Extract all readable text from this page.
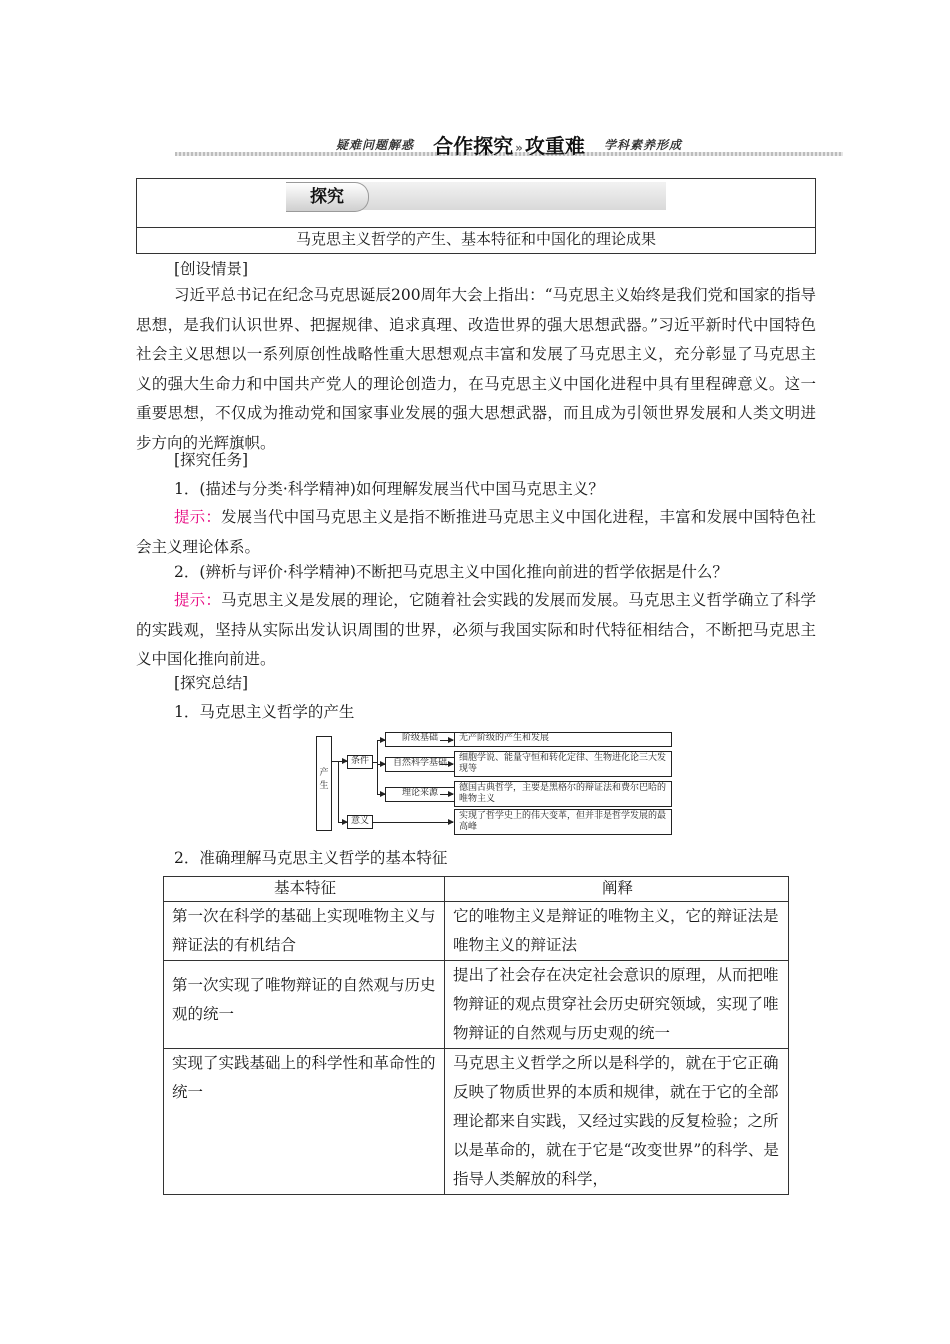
疑难问题解惑 合作探究 » 攻重难 学科素养形成
探究
马克思主义哲学的产生、基本特征和中国化的理论成果
[创设情景]
习近平总书记在纪念马克思诞辰200周年大会上指出：“马克思主义始终是我们党和国家的指导思想，是我们认识世界、把握规律、追求真理、改造世界的强大思想武器。”习近平新时代中国特色社会主义思想以一系列原创性战略性重大思想观点丰富和发展了马克思主义，充分彰显了马克思主义的强大生命力和中国共产党人的理论创造力，在马克思主义中国化进程中具有里程碑意义。这一重要思想，不仅成为推动党和国家事业发展的强大思想武器，而且成为引领世界发展和人类文明进步方向的光辉旗帜。
[探究任务]
1．(描述与分类·科学精神)如何理解发展当代中国马克思主义？
提示：发展当代中国马克思主义是指不断推进马克思主义中国化进程，丰富和发展中国特色社会主义理论体系。
2．(辨析与评价·科学精神)不断把马克思主义中国化推向前进的哲学依据是什么？
提示：马克思主义是发展的理论，它随着社会实践的发展而发展。马克思主义哲学确立了科学的实践观，坚持从实际出发认识周围的世界，必须与我国实际和时代特征相结合，不断把马克思主义中国化推向前进。
[探究总结]
1．马克思主义哲学的产生
产生
条件
意义
阶级基础
自然科学基础
理论来源
无产阶级的产生和发展
细胞学说、能量守恒和转化定律、生物进化论三大发现等
德国古典哲学，主要是黑格尔的辩证法和费尔巴哈的唯物主义
实现了哲学史上的伟大变革，但并非是哲学发展的最高峰
2．准确理解马克思主义哲学的基本特征
基本特征	阐释
第一次在科学的基础上实现唯物主义与辩证法的有机结合	它的唯物主义是辩证的唯物主义，它的辩证法是唯物主义的辩证法
第一次实现了唯物辩证的自然观与历史观的统一	提出了社会存在决定社会意识的原理，从而把唯物辩证的观点贯穿社会历史研究领域，实现了唯物辩证的自然观与历史观的统一
实现了实践基础上的科学性和革命性的统一	马克思主义哲学之所以是科学的，就在于它正确反映了物质世界的本质和规律，就在于它的全部理论都来自实践，又经过实践的反复检验；之所以是革命的，就在于它是“改变世界”的科学、是指导人类解放的科学，
